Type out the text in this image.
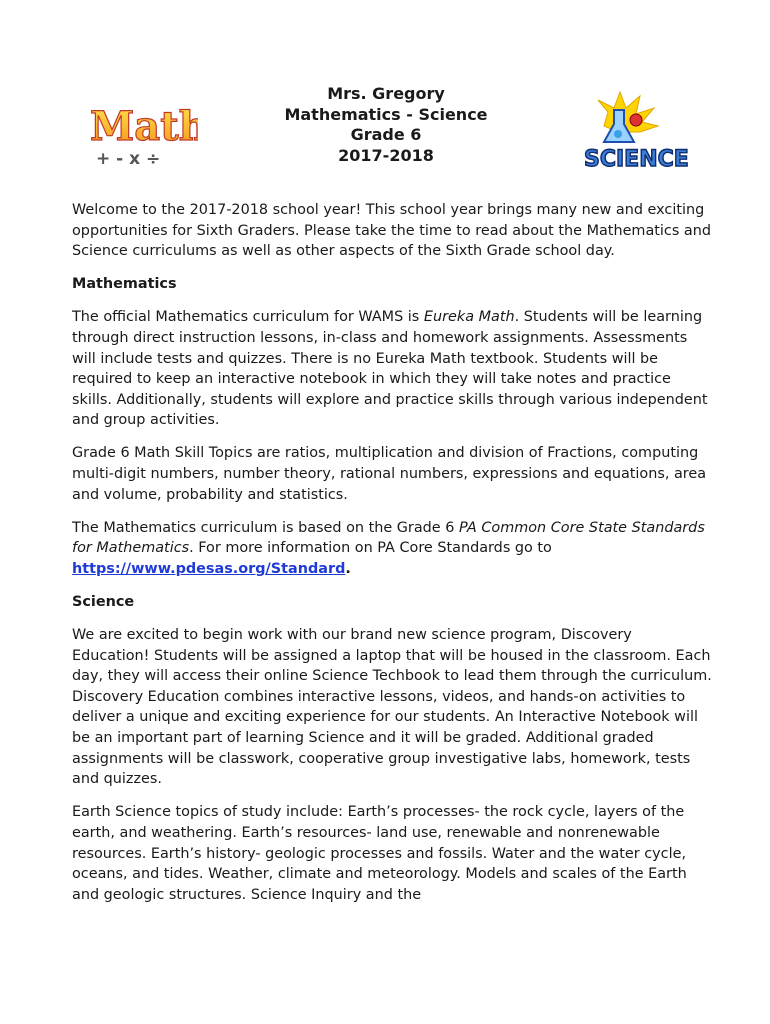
Math
+ - x ÷
Mrs. Gregory
Mathematics - Science
Grade 6
2017-2018	SCIENCE

Welcome to the 2017-2018 school year! This school year brings many new and exciting opportunities for Sixth Graders. Please take the time to read about the Mathematics and Science curriculums as well as other aspects of the Sixth Grade school day.

Mathematics

The official Mathematics curriculum for WAMS is Eureka Math. Students will be learning through direct instruction lessons, in-class and homework assignments. Assessments will include tests and quizzes. There is no Eureka Math textbook. Students will be required to keep an interactive notebook in which they will take notes and practice skills. Additionally, students will explore and practice skills through various independent and group activities.

Grade 6 Math Skill Topics are ratios, multiplication and division of Fractions, computing multi-digit numbers, number theory, rational numbers, expressions and equations, area and volume, probability and statistics.

The Mathematics curriculum is based on the Grade 6 PA Common Core State Standards for Mathematics. For more information on PA Core Standards go to https://www.pdesas.org/Standard.

Science

We are excited to begin work with our brand new science program, Discovery Education! Students will be assigned a laptop that will be housed in the classroom. Each day, they will access their online Science Techbook to lead them through the curriculum. Discovery Education combines interactive lessons, videos, and hands-on activities to deliver a unique and exciting experience for our students. An Interactive Notebook will be an important part of learning Science and it will be graded. Additional graded assignments will be classwork, cooperative group investigative labs, homework, tests and quizzes.

Earth Science topics of study include: Earth’s processes- the rock cycle, layers of the earth, and weathering. Earth’s resources- land use, renewable and nonrenewable resources. Earth’s history- geologic processes and fossils. Water and the water cycle, oceans, and tides. Weather, climate and meteorology. Models and scales of the Earth and geologic structures. Science Inquiry and the
